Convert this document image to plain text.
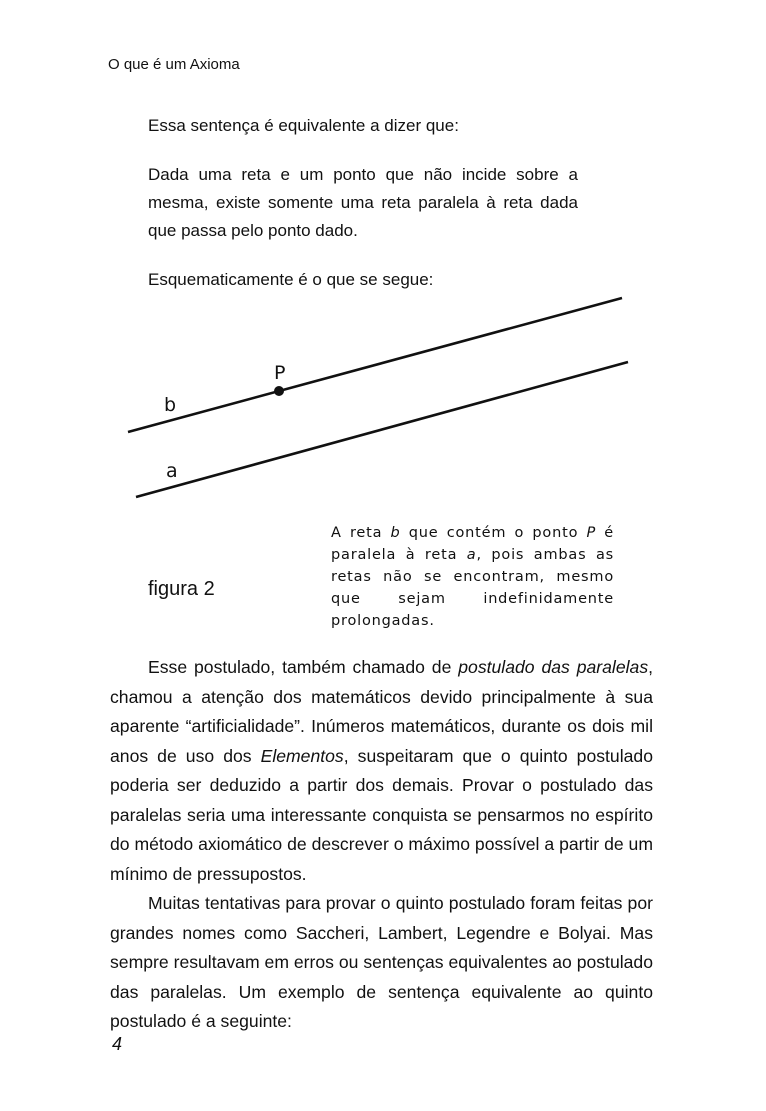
O que é um Axioma
Essa sentença é equivalente a dizer que:
Dada uma reta e um ponto que não incide sobre a mesma, existe somente uma reta paralela à reta dada que passa pelo ponto dado.
Esquematicamente é o que se segue:
b
a
P
A reta b que contém o ponto P é paralela à reta a, pois ambas as retas não se encontram, mesmo que sejam indefinidamente prolongadas.
figura 2

Esse postulado, também chamado de postulado das paralelas, chamou a atenção dos matemáticos devido principalmente à sua aparente “artificialidade”. Inúmeros matemáticos, durante os dois mil anos de uso dos Elementos, suspeitaram que o quinto postulado poderia ser deduzido a partir dos demais. Provar o postulado das paralelas seria uma interessante conquista se pensarmos no espírito do método axiomático de descrever o máximo possível a partir de um mínimo de pressupostos.

Muitas tentativas para provar o quinto postulado foram feitas por grandes nomes como Saccheri, Lambert, Legendre e Bolyai. Mas sempre resultavam em erros ou sentenças equivalentes ao postulado das paralelas. Um exemplo de sentença equivalente ao quinto postulado é a seguinte:

4
